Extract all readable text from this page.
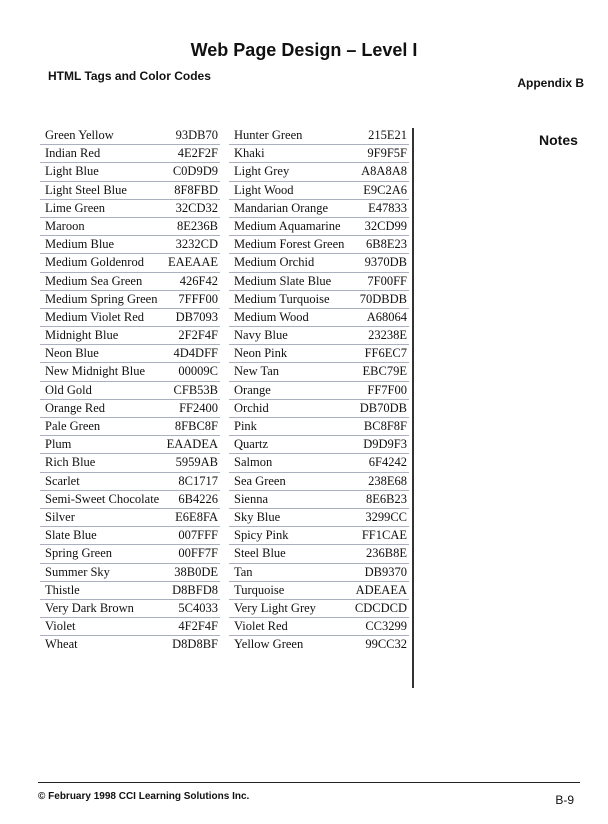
Web Page Design – Level I
HTML Tags and Color Codes	Appendix B
Notes
Green Yellow	93DB70
Indian Red	4E2F2F
Light Blue	C0D9D9
Light Steel Blue	8F8FBD
Lime Green	32CD32
Maroon	8E236B
Medium Blue	3232CD
Medium Goldenrod EAEAAE
Medium Sea Green	426F42
Medium Spring Green 7FFF00
Medium Violet Red	DB7093
Midnight Blue	2F2F4F
Neon Blue	4D4DFF
New Midnight Blue	00009C
Old Gold	CFB53B
Orange Red	FF2400
Pale Green	8FBC8F
Plum	EAADEA
Rich Blue	5959AB
Scarlet	8C1717
Semi-Sweet Chocolate 6B4226
Silver	E6E8FA
Slate Blue	007FFF
Spring Green	00FF7F
Summer Sky	38B0DE
Thistle	D8BFD8
Very Dark Brown	5C4033
Violet	4F2F4F
Wheat	D8D8BF
Hunter Green	215E21
Khaki	9F9F5F
Light Grey	A8A8A8
Light Wood	E9C2A6
Mandarian Orange	E47833
Medium Aquamarine 32CD99
Medium Forest Green 6B8E23
Medium Orchid	9370DB
Medium Slate Blue	7F00FF
Medium Turquoise 70DBDB
Medium Wood	A68064
Navy Blue	23238E
Neon Pink	FF6EC7
New Tan	EBC79E
Orange	FF7F00
Orchid	DB70DB
Pink	BC8F8F
Quartz	D9D9F3
Salmon	6F4242
Sea Green	238E68
Sienna	8E6B23
Sky Blue	3299CC
Spicy Pink	FF1CAE
Steel Blue	236B8E
Tan	DB9370
Turquoise	ADEAEA
Very Light Grey	CDCDCD
Violet Red	CC3299
Yellow Green	99CC32
© February 1998 CCI Learning Solutions Inc.	B-9
